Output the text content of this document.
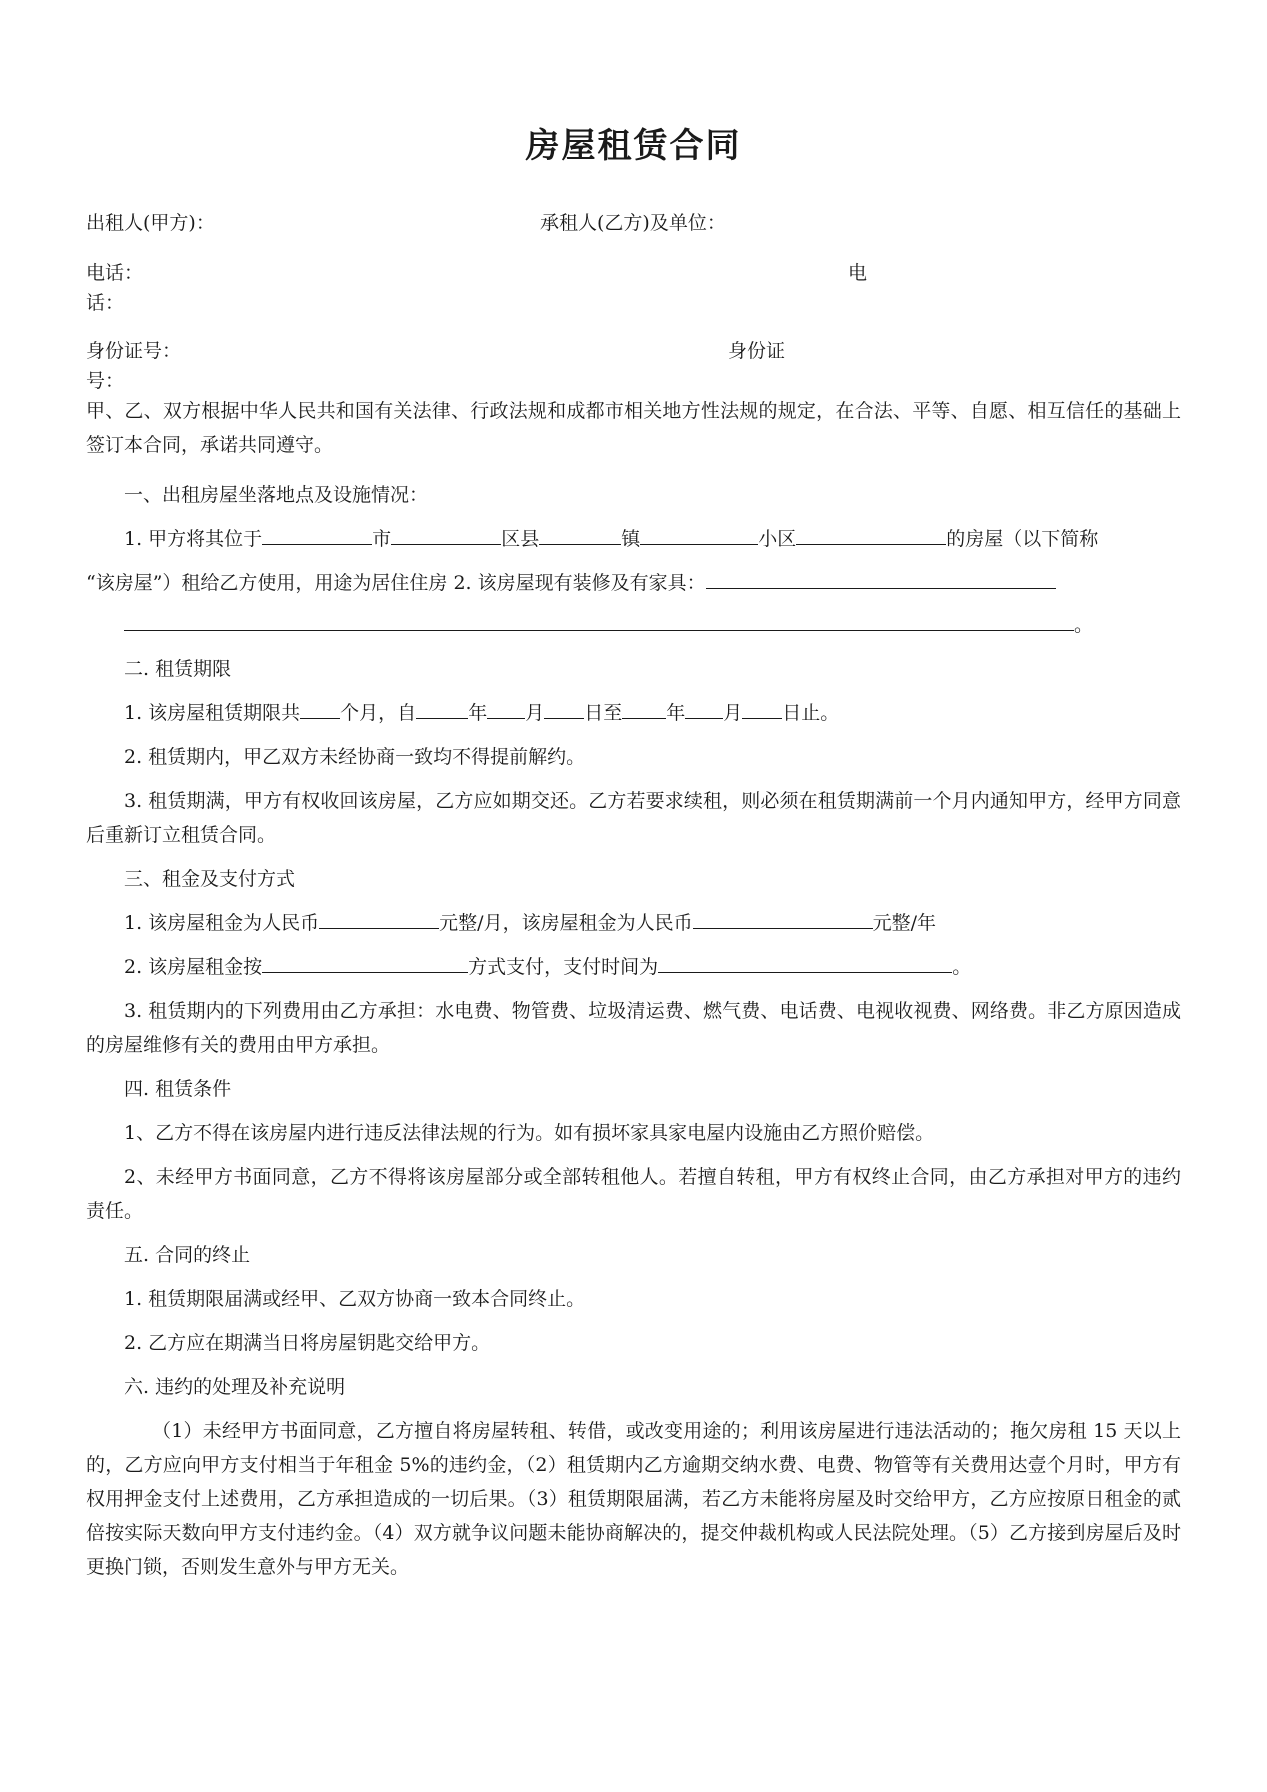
房屋租赁合同
出租人(甲方)：	承租人(乙方)及单位：
电话：	电
话：
身份证号：	身份证
号：
甲、乙、双方根据中华人民共和国有关法律、行政法规和成都市相关地方性法规的规定，在合法、平等、自愿、相互信任的基础上签订本合同，承诺共同遵守。
一、出租房屋坐落地点及设施情况：
1. 甲方将其位于	市	区县	镇	小区	的房屋（以下简称
“该房屋”）租给乙方使用，用途为居住住房 2. 该房屋现有装修及有家具：
。
二. 租赁期限
1. 该房屋租赁期限共 个月，自	年 月 日至 年 月 日止。
2. 租赁期内，甲乙双方未经协商一致均不得提前解约。
3. 租赁期满，甲方有权收回该房屋，乙方应如期交还。乙方若要求续租，则必须在租赁期满前一个月内通知甲方，经甲方同意后重新订立租赁合同。
三、租金及支付方式
1. 该房屋租金为人民币	元整/月，该房屋租金为人民币	元整/年
2. 该房屋租金按	方式支付，支付时间为	。
3. 租赁期内的下列费用由乙方承担：水电费、物管费、垃圾清运费、燃气费、电话费、电视收视费、网络费。非乙方原因造成的房屋维修有关的费用由甲方承担。
四. 租赁条件
1、乙方不得在该房屋内进行违反法律法规的行为。如有损坏家具家电屋内设施由乙方照价赔偿。
2、未经甲方书面同意，乙方不得将该房屋部分或全部转租他人。若擅自转租，甲方有权终止合同，由乙方承担对甲方的违约责任。
五. 合同的终止
1. 租赁期限届满或经甲、乙双方协商一致本合同终止。
2. 乙方应在期满当日将房屋钥匙交给甲方。
六. 违约的处理及补充说明
（1）未经甲方书面同意，乙方擅自将房屋转租、转借，或改变用途的；利用该房屋进行违法活动的；拖欠房租 15 天以上的，乙方应向甲方支付相当于年租金 5%的违约金，（2）租赁期内乙方逾期交纳水费、电费、物管等有关费用达壹个月时，甲方有权用押金支付上述费用，乙方承担造成的一切后果。（3）租赁期限届满，若乙方未能将房屋及时交给甲方，乙方应按原日租金的贰倍按实际天数向甲方支付违约金。（4）双方就争议问题未能协商解决的，提交仲裁机构或人民法院处理。（5）乙方接到房屋后及时更换门锁，否则发生意外与甲方无关。
